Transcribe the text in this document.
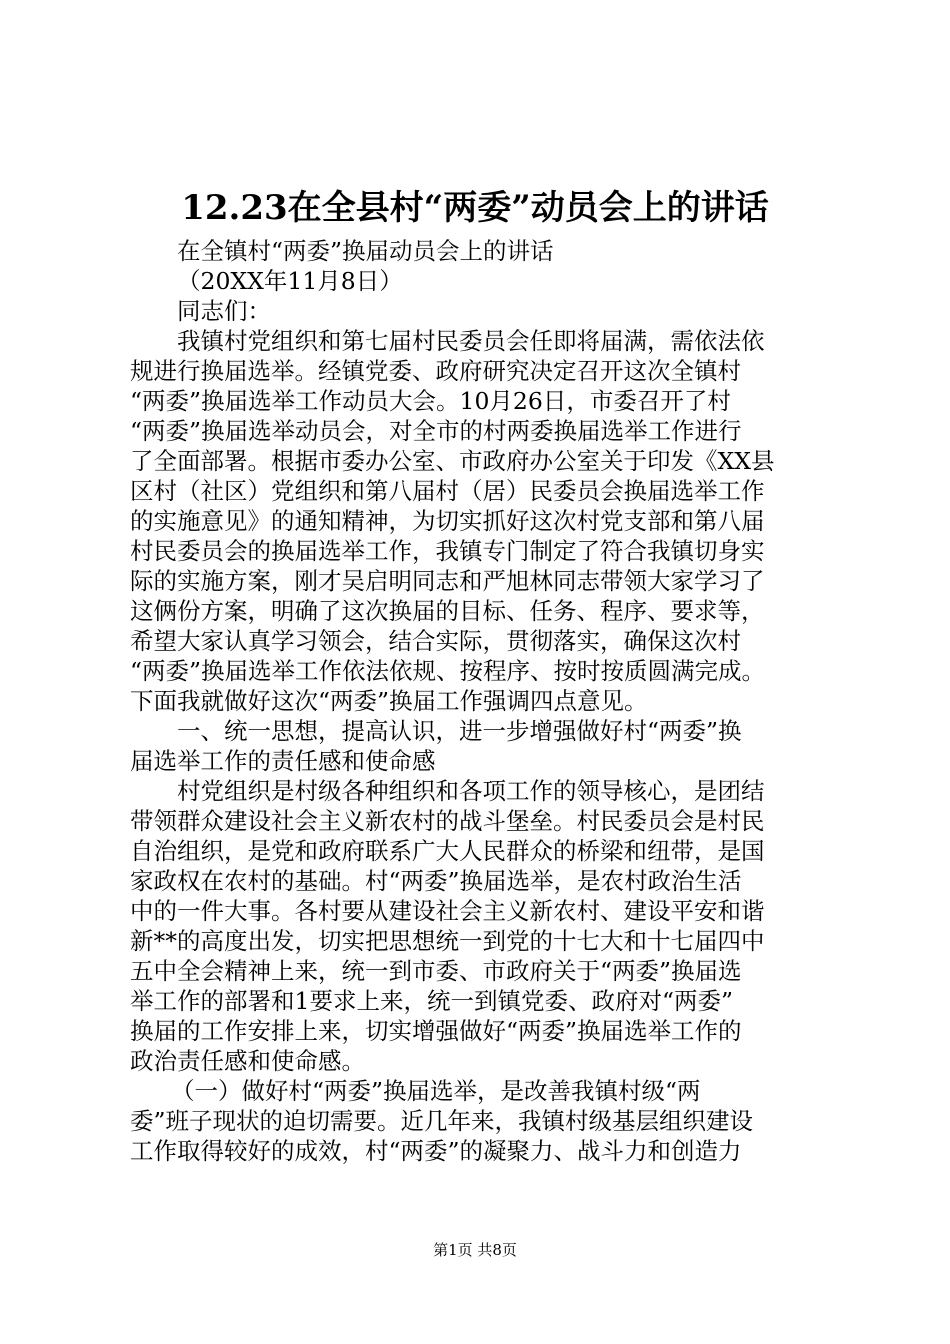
12.23在全县村“两委”动员会上的讲话
在全镇村“两委”换届动员会上的讲话
（20XX年11月8日）
同志们：
我镇村党组织和第七届村民委员会任即将届满，需依法依
规进行换届选举。经镇党委、政府研究决定召开这次全镇村
“两委”换届选举工作动员大会。10月26日，市委召开了村
“两委”换届选举动员会，对全市的村两委换届选举工作进行
了全面部署。根据市委办公室、市政府办公室关于印发《XX县
区村（社区）党组织和第八届村（居）民委员会换届选举工作
的实施意见》的通知精神，为切实抓好这次村党支部和第八届
村民委员会的换届选举工作，我镇专门制定了符合我镇切身实
际的实施方案，刚才吴启明同志和严旭林同志带领大家学习了
这俩份方案，明确了这次换届的目标、任务、程序、要求等，
希望大家认真学习领会，结合实际，贯彻落实，确保这次村
“两委”换届选举工作依法依规、按程序、按时按质圆满完成。
下面我就做好这次“两委”换届工作强调四点意见。
一、统一思想，提高认识，进一步增强做好村“两委”换
届选举工作的责任感和使命感
村党组织是村级各种组织和各项工作的领导核心，是团结
带领群众建设社会主义新农村的战斗堡垒。村民委员会是村民
自治组织，是党和政府联系广大人民群众的桥梁和纽带，是国
家政权在农村的基础。村“两委”换届选举，是农村政治生活
中的一件大事。各村要从建设社会主义新农村、建设平安和谐
新**的高度出发，切实把思想统一到党的十七大和十七届四中
五中全会精神上来，统一到市委、市政府关于“两委”换届选
举工作的部署和1要求上来，统一到镇党委、政府对“两委”
换届的工作安排上来，切实增强做好“两委”换届选举工作的
政治责任感和使命感。
（一）做好村“两委”换届选举，是改善我镇村级“两
委”班子现状的迫切需要。近几年来，我镇村级基层组织建设
工作取得较好的成效，村“两委”的凝聚力、战斗力和创造力
第1页 共8页
